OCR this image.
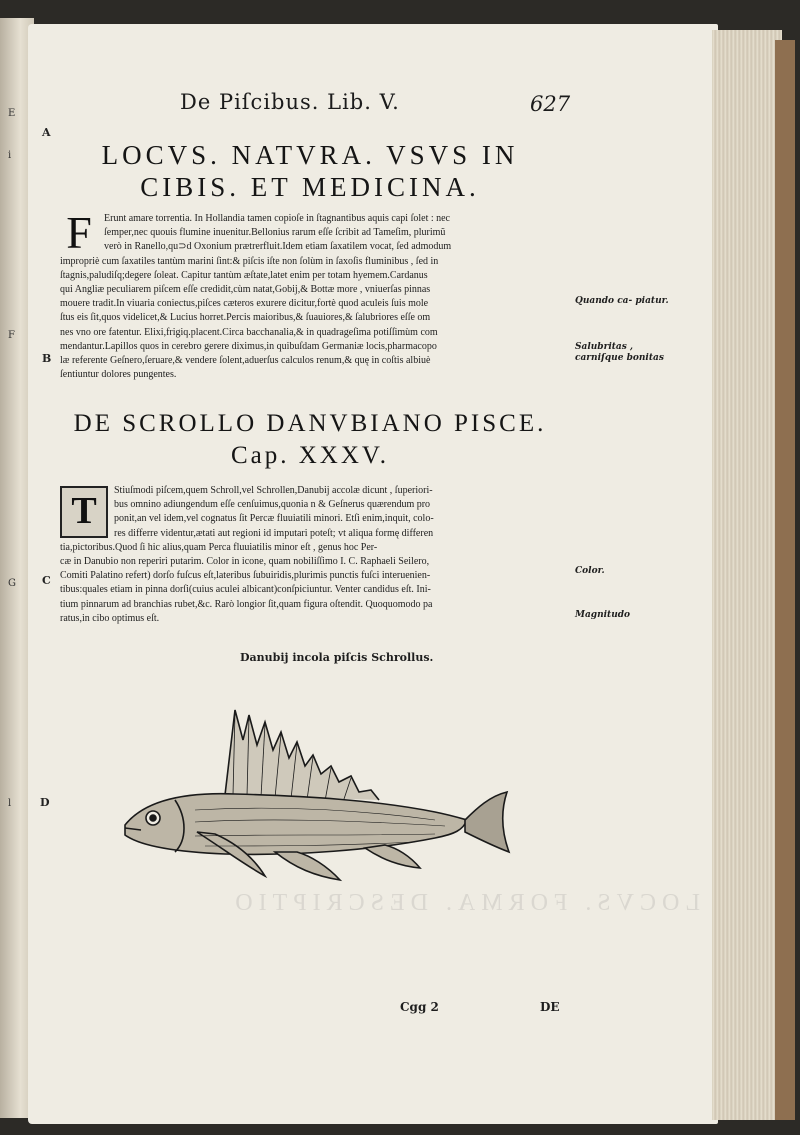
E
i
F
G
l
LOCVS. FORMA. DESCRIPTIO
De Piſcibus. Lib. V.	627
A
B
C
D
LOCVS. NATVRA. VSVS IN
CIBIS. ET MEDICINA.
F	Erunt amare torrentia. In Hollandia tamen copioſe in ſtagnantibus aquis capi ſolet : nec

ſemper,nec quouis flumine inuenitur.Bellonius rarum eſſe ſcribit ad Tameſim, plurimũ

verò in Ranello,qu⊃d Oxonium prætrerfluit.Idem etiam ſaxatilem vocat, ſed admodum

impropriè cum ſaxatiles tantùm marini ſint:& piſcis iſte non ſolùm in ſaxoſis fluminibus , ſed in

ſtagnis,paludiſq;degere ſoleat. Capitur tantùm æſtate,latet enim per totam hyemem.Cardanus

qui Angliæ peculiarem piſcem eſſe credidit,cùm natat,Gobij,& Bottæ more , vniuerſas pinnas

mouere tradit.In viuaria coniectus,piſces cæteros exurere dicitur,fortè quod aculeis ſuis mole

ſtus eis ſit,quos videlicet,& Lucius horret.Percis maioribus,& ſuauiores,& ſalubriores eſſe om

nes vno ore fatentur. Elixi,frigiq.placent.Circa bacchanalia,& in quadrageſima potiſſimùm com

mendantur.Lapillos quos in cerebro gerere diximus,in quibuſdam Germaniæ locis,pharmacopo

læ referente Geſnero,ſeruare,& vendere ſolent,aduerſus calculos renum,& quę in coſtis albiuè

ſentiuntur dolores pungentes.

Quando ca- piatur.
Salubritas , carniſque bonitas
DE SCROLLO DANVBIANO PISCE.
Cap. XXXV.
T	Stiuſmodi piſcem,quem Schroll,vel Schrollen,Danubij accolæ dicunt , ſuperiori-

bus omnino adiungendum eſſe cenſuimus,quonia n & Geſnerus quærendum pro

ponit,an vel idem,vel cognatus ſit Percæ fluuiatili minori. Etſi enim,inquit, colo-

res differre videntur,ætati aut regioni id imputari poteſt; vt aliqua formę differen

tia,pictoribus.Quod ſi hic alius,quam Perca fluuiatilis minor eſt , genus hoc Per-

cæ in Danubio non reperiri putarim. Color in icone, quam nobiliſſimo I. C. Raphaeli Seilero,

Comiti Palatino refert) dorſo fuſcus eſt,lateribus ſubuiridis,plurimis punctis fuſci interuenien-

tibus:quales etiam in pinna dorſi(cuius aculei albicant)conſpiciuntur. Venter candidus eſt. Ini-

tium pinnarum ad branchias rubet,&c. Rarò longior ſit,quam figura oſtendit. Quoquomodo pa

ratus,in cibo optimus eſt.

Color.
Magnitudo
Danubij incola piſcis Schrollus.
Cgg 2	DE
